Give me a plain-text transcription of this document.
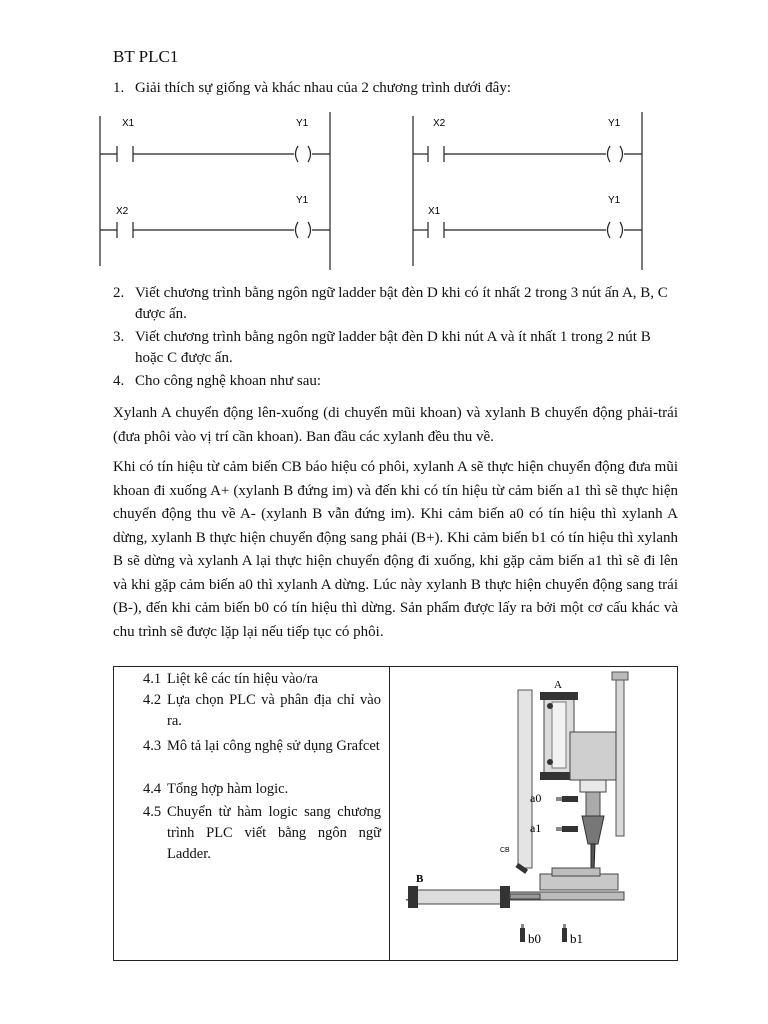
BT PLC1
1. Giải thích sự giống và khác nhau của 2 chương trình dưới đây:
X1	Y1
X2
Y1
X2	Y1
X1
Y1
2. Viết chương trình bằng ngôn ngữ ladder bật đèn D khi có ít nhất 2 trong 3 nút ấn A, B, C được ấn.
3. Viết chương trình bằng ngôn ngữ ladder bật đèn D khi nút A và ít nhất 1 trong 2 nút B hoặc C được ấn.
4. Cho công nghệ khoan như sau:
Xylanh A chuyển động lên-xuống (di chuyển mũi khoan) và xylanh B chuyển động phải-trái (đưa phôi vào vị trí cần khoan). Ban đầu các xylanh đều thu về.
Khi có tín hiệu từ cảm biến CB báo hiệu có phôi, xylanh A sẽ thực hiện chuyển động đưa mũi khoan đi xuống A+ (xylanh B đứng im) và đến khi có tín hiệu từ cảm biến a1 thì sẽ thực hiện chuyển động thu về A- (xylanh B vẫn đứng im). Khi cảm biến a0 có tín hiệu thì xylanh A dừng, xylanh B thực hiện chuyển động sang phải (B+). Khi cảm biến b1 có tín hiệu thì xylanh B sẽ dừng và xylanh A lại thực hiện chuyển động đi xuống, khi gặp cảm biến a1 thì sẽ đi lên và khi gặp cảm biến a0 thì xylanh A dừng. Lúc này xylanh B thực hiện chuyển động sang trái (B-), đến khi cảm biến b0 có tín hiệu thì dừng. Sản phẩm được lấy ra bởi một cơ cấu khác và chu trình sẽ được lặp lại nếu tiếp tục có phôi.
4.1 Liệt kê các tín hiệu vào/ra
4.2 Lựa chọn PLC và phân địa chỉ vào ra.
4.3 Mô tả lại công nghệ sử dụng Grafcet
4.4 Tổng hợp hàm logic.
4.5 Chuyển từ hàm logic sang chương trình PLC viết bằng ngôn ngữ Ladder.
A
a0
a1
CB
B
b0 b1
